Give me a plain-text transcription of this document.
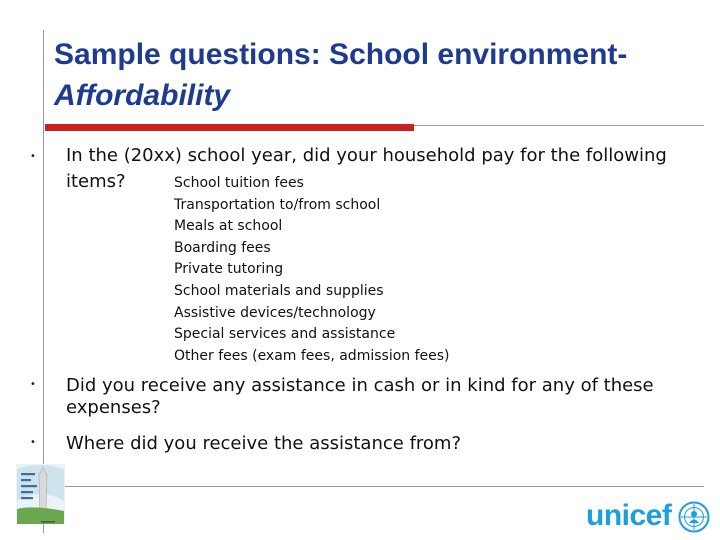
Sample questions: School environment-
Affordability
• In the (20xx) school year, did your household pay for the following

items?	School tuition fees
Transportation to/from school
Meals at school
Boarding fees
Private tutoring
School materials and supplies
Assistive devices/technology
Special services and assistance
Other fees (exam fees, admission fees)
• Did you receive any assistance in cash or in kind for any of these expenses?

• Where did you receive the assistance from?

unicef
